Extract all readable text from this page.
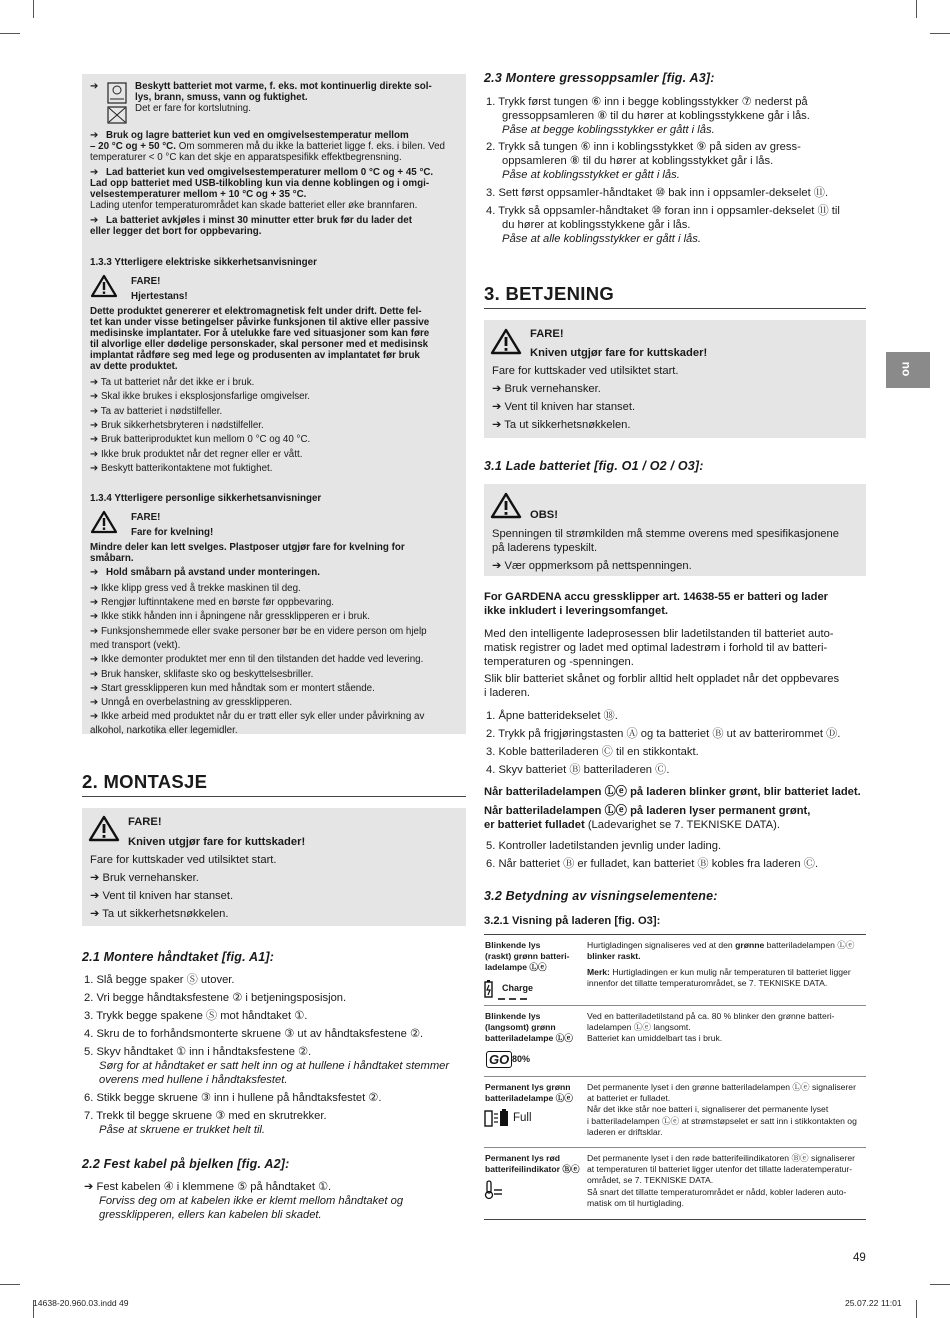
➔	Beskytt batteriet mot varme, f. eks. mot kontinuerlig direkte sol-
lys, brann, smuss, vann og fuktighet.
Det er fare for kortslutning.
➔ Bruk og lagre batteriet kun ved en omgivelsestemperatur mellom
– 20 °C og + 50 °C. Om sommeren må du ikke la batteriet ligge f. eks. i bilen. Ved
temperaturer < 0 °C kan det skje en apparatspesifikk effektbegrensning.
➔ Lad batteriet kun ved omgivelsestemperaturer mellom 0 °C og + 45 °C.
Lad opp batteriet med USB-tilkobling kun via denne koblingen og i omgi-
velsestemperaturer mellom + 10 °C og + 35 °C.
Lading utenfor temperaturområdet kan skade batteriet eller øke brannfaren.
➔ La batteriet avkjøles i minst 30 minutter etter bruk før du lader det
eller legger det bort for oppbevaring.
1.3.3 Ytterligere elektriske sikkerhetsanvisninger
FARE!
Hjertestans!
Dette produktet genererer et elektromagnetisk felt under drift. Dette fel-
tet kan under visse betingelser påvirke funksjonen til aktive eller passive
medisinske implantater. For å utelukke fare ved situasjoner som kan føre
til alvorlige eller dødelige personskader, skal personer med et medisinsk
implantat rådføre seg med lege og produsenten av implantatet før bruk
av dette produktet.
➔ Ta ut batteriet når det ikke er i bruk.
➔ Skal ikke brukes i eksplosjonsfarlige omgivelser.
➔ Ta av batteriet i nødstilfeller.
➔ Bruk sikkerhetsbryteren i nødstilfeller.
➔ Bruk batteriproduktet kun mellom 0 °C og 40 °C.
➔ Ikke bruk produktet når det regner eller er vått.
➔ Beskytt batterikontaktene mot fuktighet.
1.3.4 Ytterligere personlige sikkerhetsanvisninger
FARE!
Fare for kvelning!
Mindre deler kan lett svelges. Plastposer utgjør fare for kvelning for
småbarn.
➔ Hold småbarn på avstand under monteringen.
➔ Ikke klipp gress ved å trekke maskinen til deg.
➔ Rengjør luftinntakene med en børste før oppbevaring.
➔ Ikke stikk hånden inn i åpningene når gressklipperen er i bruk.
➔ Funksjonshemmede eller svake personer bør be en videre person om hjelp
med transport (vekt).
➔ Ikke demonter produktet mer enn til den tilstanden det hadde ved levering.
➔ Bruk hansker, sklifaste sko og beskyttelsesbriller.
➔ Start gressklipperen kun med håndtak som er montert stående.
➔ Unngå en overbelastning av gressklipperen.
➔ Ikke arbeid med produktet når du er trøtt eller syk eller under påvirkning av
alkohol, narkotika eller legemidler.
2. MONTASJE
FARE!
Kniven utgjør fare for kuttskader!
Fare for kuttskader ved utilsiktet start.
➔ Bruk vernehansker.
➔ Vent til kniven har stanset.
➔ Ta ut sikkerhetsnøkkelen.
2.1 Montere håndtaket [fig. A1]:
1. Slå begge spaker Ⓢ utover.
2. Vri begge håndtaksfestene ② i betjeningsposisjon.
3. Trykk begge spakene Ⓢ mot håndtaket ①.
4. Skru de to forhåndsmonterte skruene ③ ut av håndtaksfestene ②.
5. Skyv håndtaket ① inn i håndtaksfestene ②.
Sørg for at håndtaket er satt helt inn og at hullene i håndtaket stemmer
overens med hullene i håndtaksfestet.
6. Stikk begge skruene ③ inn i hullene på håndtaksfestet ②.
7. Trekk til begge skruene ③ med en skrutrekker.
Påse at skruene er trukket helt til.
2.2 Fest kabel på bjelken [fig. A2]:
➔ Fest kabelen ④ i klemmene ⑤ på håndtaket ①.
Forviss deg om at kabelen ikke er klemt mellom håndtaket og
gressklipperen, ellers kan kabelen bli skadet.
2.3 Montere gressoppsamler [fig. A3]:
1. Trykk først tungen ⑥ inn i begge koblingsstykker ⑦ nederst på
gressoppsamleren ⑧ til du hører at koblingsstykkene går i lås.
Påse at begge koblingsstykker er gått i lås.
2. Trykk så tungen ⑥ inn i koblingsstykket ⑨ på siden av gress-
oppsamleren ⑧ til du hører at koblingsstykket går i lås.
Påse at koblingsstykket er gått i lås.
3. Sett først oppsamler-håndtaket ⑩ bak inn i oppsamler-dekselet ⑪.
4. Trykk så oppsamler-håndtaket ⑩ foran inn i oppsamler-dekselet ⑪ til
du hører at koblingsstykkene går i lås.
Påse at alle koblingsstykker er gått i lås.
3. BETJENING
FARE!
Kniven utgjør fare for kuttskader!
Fare for kuttskader ved utilsiktet start.
➔ Bruk vernehansker.
➔ Vent til kniven har stanset.
➔ Ta ut sikkerhetsnøkkelen.
3.1 Lade batteriet [fig. O1 / O2 / O3]:
OBS!
Spenningen til strømkilden må stemme overens med spesifikasjonene
på laderens typeskilt.
➔ Vær oppmerksom på nettspenningen.
For GARDENA accu gressklipper art. 14638-55 er batteri og lader
ikke inkludert i leveringsomfanget.
Med den intelligente ladeprosessen blir ladetilstanden til batteriet auto-
matisk registrer og ladet med optimal ladestrøm i forhold til av batteri-
temperaturen og -spenningen.
Slik blir batteriet skånet og forblir alltid helt oppladet når det oppbevares
i laderen.
1. Åpne batteridekselet ⑱.
2. Trykk på frigjøringstasten Ⓐ og ta batteriet Ⓑ ut av batterirommet Ⓓ.
3. Koble batteriladeren Ⓒ til en stikkontakt.
4. Skyv batteriet Ⓑ batteriladeren Ⓒ.
Når batteriladelampen Ⓛⓔ på laderen blinker grønt, blir batteriet ladet.
Når batteriladelampen Ⓛⓔ på laderen lyser permanent grønt,
er batteriet fulladet (Ladevarighet se 7. TEKNISKE DATA).
5. Kontroller ladetilstanden jevnlig under lading.
6. Når batteriet Ⓑ er fulladet, kan batteriet Ⓑ kobles fra laderen Ⓒ.
3.2 Betydning av visningselementene:
3.2.1 Visning på laderen [fig. O3]:
Blinkende lys
(raskt) grønn batteri-
ladelampe Ⓛⓔ
Charge
Hurtigladingen signaliseres ved at den grønne batteriladelampen Ⓛⓔ
blinker raskt.
Merk: Hurtigladingen er kun mulig når temperaturen til batteriet ligger
innenfor det tillatte temperaturområdet, se 7. TEKNISKE DATA.
Blinkende lys
(langsomt) grønn
batteriladelampe Ⓛⓔ
GO 80%
Ved en batteriladetilstand på ca. 80 % blinker den grønne batteri-
ladelampen Ⓛⓔ langsomt.
Batteriet kan umiddelbart tas i bruk.
Permanent lys grønn
batteriladelampe Ⓛⓔ
Full
Det permanente lyset i den grønne batteriladelampen Ⓛⓔ signaliserer
at batteriet er fulladet.
Når det ikke står noe batteri i, signaliserer det permanente lyset
i batteriladelampen Ⓛⓔ at strømstøpselet er satt inn i stikkontakten og
laderen er driftsklar.
Permanent lys rød
batterifeilindikator Ⓑⓔ
Det permanente lyset i den røde batterifeilindikatoren Ⓑⓔ signaliserer
at temperaturen til batteriet ligger utenfor det tillatte laderatemperatur-
området, se 7. TEKNISKE DATA.
Så snart det tillatte temperaturområdet er nådd, kobler laderen auto-
matisk om til hurtiglading.
no
49
14638-20.960.03.indd 49	25.07.22 11:01
